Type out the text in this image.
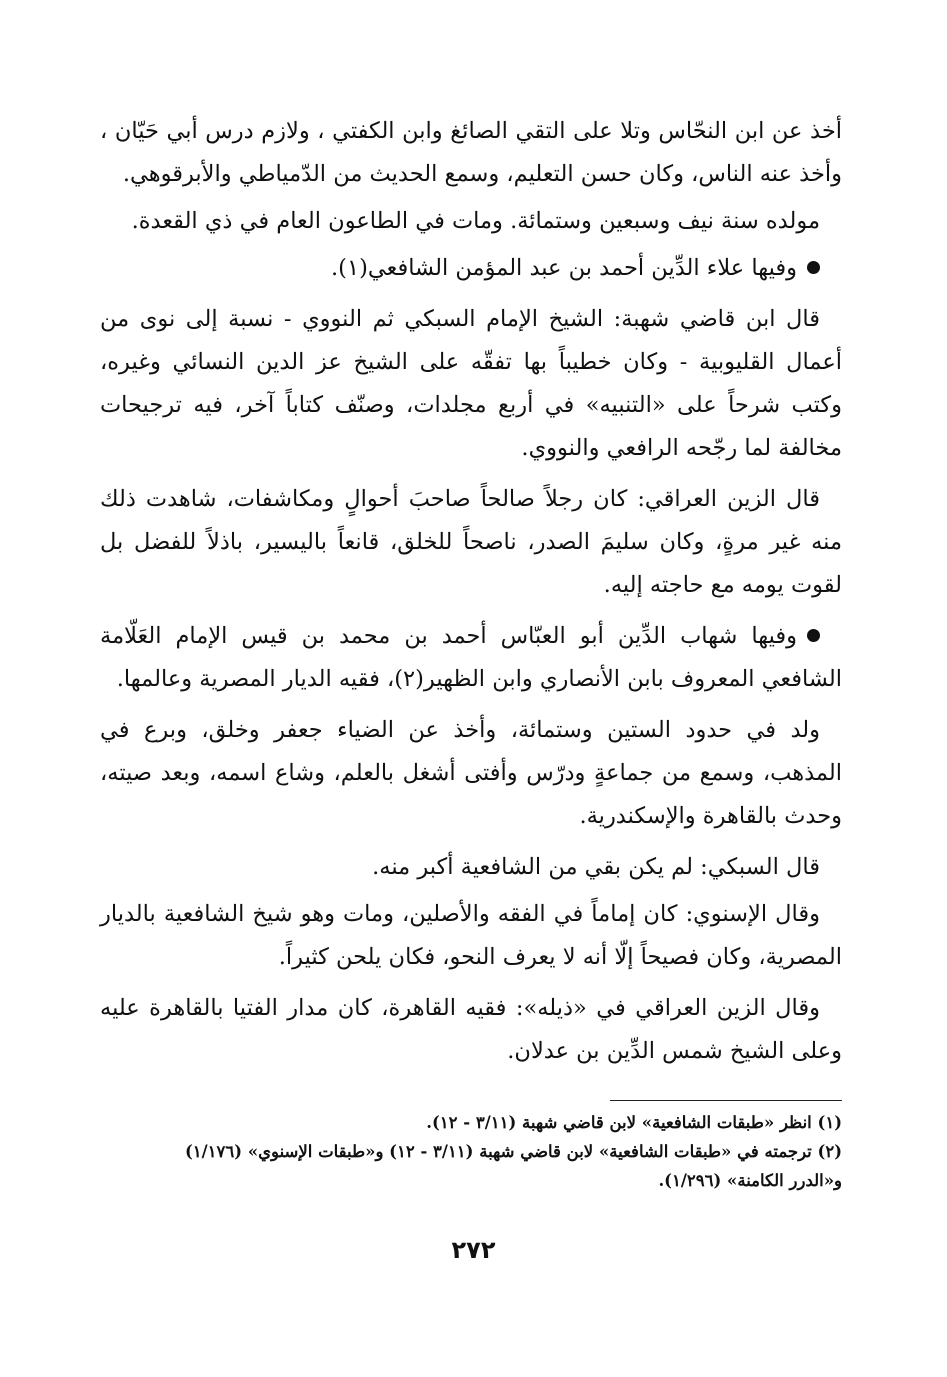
أخذ عن ابن النحّاس وتلا على التقي الصائغ وابن الكفتي ، ولازم درس أبي حَيّان ، وأخذ عنه الناس، وكان حسن التعليم، وسمع الحديث من الدّمياطي والأبرقوهي.

مولده سنة نيف وسبعين وستمائة. ومات في الطاعون العام في ذي القعدة.

وفيها علاء الدِّين أحمد بن عبد المؤمن الشافعي(١).

قال ابن قاضي شهبة: الشيخ الإمام السبكي ثم النووي - نسبة إلى نوى من أعمال القليوبية - وكان خطيباً بها تفقّه على الشيخ عز الدين النسائي وغيره، وكتب شرحاً على «التنبيه» في أربع مجلدات، وصنّف كتاباً آخر، فيه ترجيحات مخالفة لما رجّحه الرافعي والنووي.

قال الزين العراقي: كان رجلاً صالحاً صاحبَ أحوالٍ ومكاشفات، شاهدت ذلك منه غير مرةٍ، وكان سليمَ الصدر، ناصحاً للخلق، قانعاً باليسير، باذلاً للفضل بل لقوت يومه مع حاجته إليه.

وفيها شهاب الدِّين أبو العبّاس أحمد بن محمد بن قيس الإمام العَلّامة الشافعي المعروف بابن الأنصاري وابن الظهير(٢)، فقيه الديار المصرية وعالمها.

ولد في حدود الستين وستمائة، وأخذ عن الضياء جعفر وخلق، وبرع في المذهب، وسمع من جماعةٍ ودرّس وأفتى أشغل بالعلم، وشاع اسمه، وبعد صيته، وحدث بالقاهرة والإسكندرية.

قال السبكي: لم يكن بقي من الشافعية أكبر منه.

وقال الإسنوي: كان إماماً في الفقه والأصلين، ومات وهو شيخ الشافعية بالديار المصرية، وكان فصيحاً إلّا أنه لا يعرف النحو، فكان يلحن كثيراً.

وقال الزين العراقي في «ذيله»: فقيه القاهرة، كان مدار الفتيا بالقاهرة عليه وعلى الشيخ شمس الدِّين بن عدلان.

(١) انظر «طبقات الشافعية» لابن قاضي شهبة (٣/١١ - ١٢).

(٢) ترجمته في «طبقات الشافعية» لابن قاضي شهبة (٣/١١ - ١٢) و«طبقات الإسنوي» (١/١٧٦)

و«الدرر الكامنة» (١/٢٩٦).

٢٧٢
